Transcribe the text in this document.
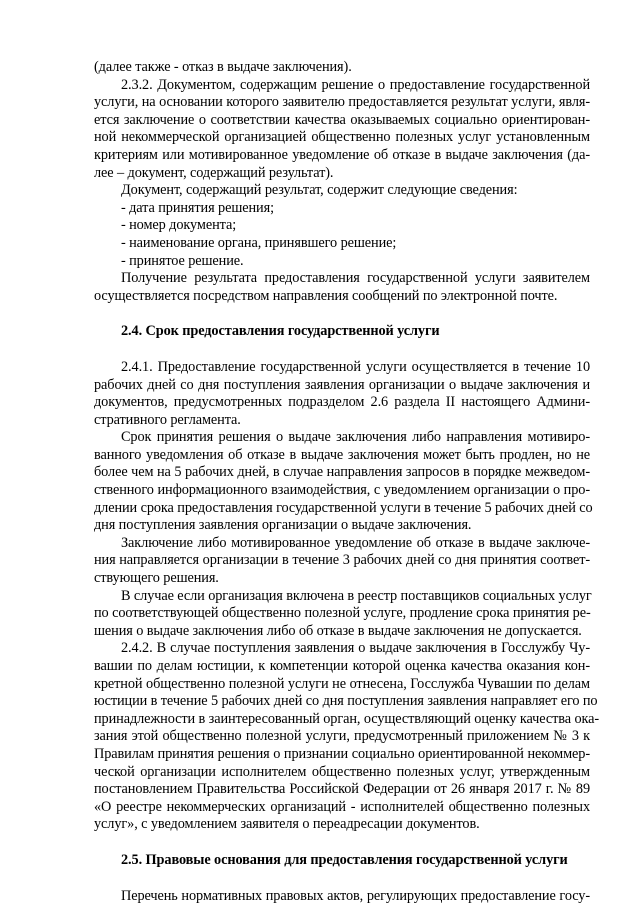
(далее также - отказ в выдаче заключения).
2.3.2. Документом, содержащим решение о предоставление государственной
услуги, на основании которого заявителю предоставляется результат услуги, явля-
ется заключение о соответствии качества оказываемых социально ориентирован-
ной некоммерческой организацией общественно полезных услуг установленным
критериям или мотивированное уведомление об отказе в выдаче заключения (да-
лее – документ, содержащий результат).
Документ, содержащий результат, содержит следующие сведения:
- дата принятия решения;
- номер документа;
- наименование органа, принявшего решение;
- принятое решение.
Получение результата предоставления государственной услуги заявителем
осуществляется посредством направления сообщений по электронной почте.
2.4. Срок предоставления государственной услуги
2.4.1. Предоставление государственной услуги осуществляется в течение 10
рабочих дней со дня поступления заявления организации о выдаче заключения и
документов, предусмотренных подразделом 2.6 раздела II настоящего Админи-
стративного регламента.
Срок принятия решения о выдаче заключения либо направления мотивиро-
ванного уведомления об отказе в выдаче заключения может быть продлен, но не
более чем на 5 рабочих дней, в случае направления запросов в порядке межведом-
ственного информационного взаимодействия, с уведомлением организации о про-
длении срока предоставления государственной услуги в течение 5 рабочих дней со
дня поступления заявления организации о выдаче заключения.
Заключение либо мотивированное уведомление об отказе в выдаче заключе-
ния направляется организации в течение 3 рабочих дней со дня принятия соответ-
ствующего решения.
В случае если организация включена в реестр поставщиков социальных услуг
по соответствующей общественно полезной услуге, продление срока принятия ре-
шения о выдаче заключения либо об отказе в выдаче заключения не допускается.
2.4.2. В случае поступления заявления о выдаче заключения в Госслужбу Чу-
вашии по делам юстиции, к компетенции которой оценка качества оказания кон-
кретной общественно полезной услуги не отнесена, Госслужба Чувашии по делам
юстиции в течение 5 рабочих дней со дня поступления заявления направляет его по
принадлежности в заинтересованный орган, осуществляющий оценку качества ока-
зания этой общественно полезной услуги, предусмотренный приложением № 3 к
Правилам принятия решения о признании социально ориентированной некоммер-
ческой организации исполнителем общественно полезных услуг, утвержденным
постановлением Правительства Российской Федерации от 26 января 2017 г. № 89
«О реестре некоммерческих организаций - исполнителей общественно полезных
услуг», с уведомлением заявителя о переадресации документов.
2.5. Правовые основания для предоставления государственной услуги
Перечень нормативных правовых актов, регулирующих предоставление госу-
